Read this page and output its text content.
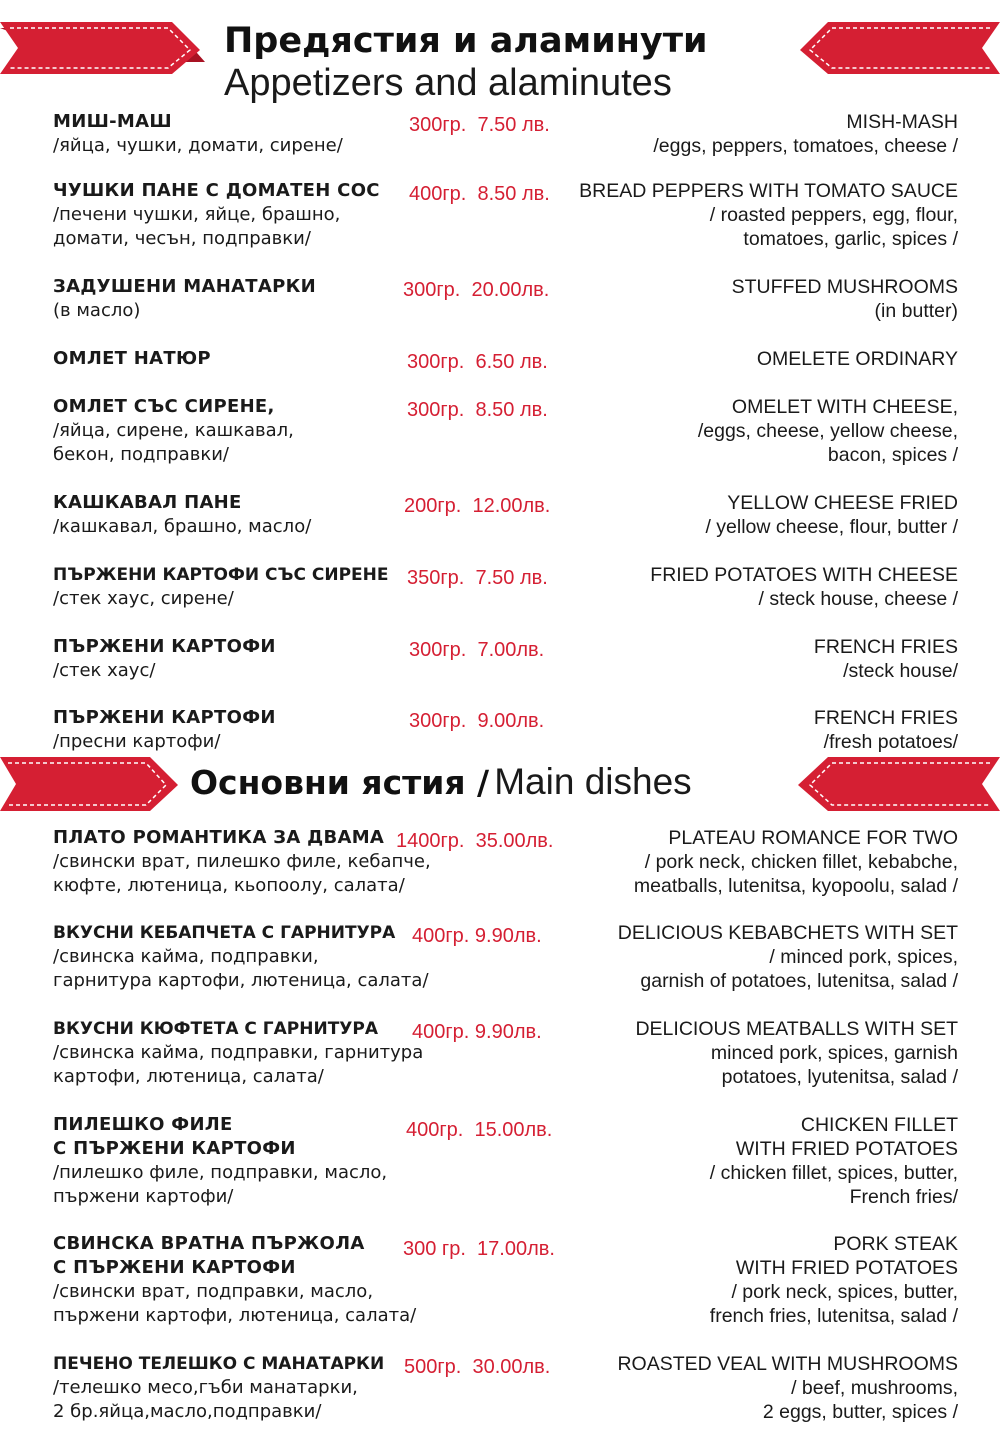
Предястия и аламинути
Appetizers and alaminutes
Основни ястия / Main dishes
МИШ-МАШ
/яйца, чушки, домати, сирене/
300гр.  7.50 лв.	MISH-MASH
/eggs, peppers, tomatoes, cheese /
ЧУШКИ ПАНЕ С ДОМАТЕН СОС
/печени чушки, яйце, брашно,
домати, чесън, подправки/
400гр.  8.50 лв. BREAD PEPPERS WITH TOMATO SAUCE
/ roasted peppers, egg, flour,
tomatoes, garlic, spices /
ЗАДУШЕНИ МАНАТАРКИ
(в масло)
300гр.  20.00лв.	STUFFED MUSHROOMS
(in butter)
ОМЛЕТ НАТЮР	300гр.  6.50 лв.	OMELETE ORDINARY
ОМЛЕТ СЪС СИРЕНЕ,
/яйца, сирене, кашкавал,
бекон, подправки/
300гр.  8.50 лв.	OMELET WITH CHEESE,
/eggs, cheese, yellow cheese,
bacon, spices /
КАШКАВАЛ ПАНЕ
/кашкавал, брашно, масло/
200гр.  12.00лв.	YELLOW CHEESE FRIED
/ yellow cheese, flour, butter /
ПЪРЖЕНИ КАРТОФИ СЪС СИРЕНЕ
/стек хаус, сирене/
350гр.  7.50 лв.	FRIED POTATOES WITH CHEESE
/ steck house, cheese /
ПЪРЖЕНИ КАРТОФИ
/стек хаус/
300гр.  7.00лв.	FRENCH FRIES
/steck house/
ПЪРЖЕНИ КАРТОФИ
/пресни картофи/
300гр.  9.00лв.	FRENCH FRIES
/fresh potatoes/
ПЛАТО РОМАНТИКА ЗА ДВАМА
/свински врат, пилешко филе, кебапче,
кюфте, лютеница, кьопоолу, салата/
1400гр.  35.00лв.	PLATEAU ROMANCE FOR TWO
/ pork neck, chicken fillet, kebabche,
meatballs, lutenitsa, kyopoolu, salad /
ВКУСНИ КЕБАПЧЕТА С ГАРНИТУРА
/свинска кайма, подправки,
гарнитура картофи, лютеница, салата/
400гр. 9.90лв.	DELICIOUS KEBABCHETS WITH SET
/ minced pork, spices,
garnish of potatoes, lutenitsa, salad /
ВКУСНИ КЮФТЕТА С ГАРНИТУРА
/свинска кайма, подправки, гарнитура
картофи, лютеница, салата/
400гр. 9.90лв.	DELICIOUS MEATBALLS WITH SET
minced pork, spices, garnish
potatoes, lyutenitsa, salad /
ПИЛЕШКО ФИЛЕ
С ПЪРЖЕНИ КАРТОФИ
/пилешко филе, подправки, масло,
пържени картофи/
400гр.  15.00лв.	CHICKEN FILLET
WITH FRIED POTATOES
/ chicken fillet, spices, butter,
French fries/
СВИНСКА ВРАТНА ПЪРЖОЛА
С ПЪРЖЕНИ КАРТОФИ
/свински врат, подправки, масло,
пържени картофи, лютеница, салата/
300 гр.  17.00лв.	PORK STEAK
WITH FRIED POTATOES
/ pork neck, spices, butter,
french fries, lutenitsa, salad /
ПЕЧЕНО ТЕЛЕШКО С МАНАТАРКИ
/телешко месо,гъби манатарки,
2 бр.яйца,масло,подправки/
500гр.  30.00лв.	ROASTED VEAL WITH MUSHROOMS
/ beef, mushrooms,
2 eggs, butter, spices /
